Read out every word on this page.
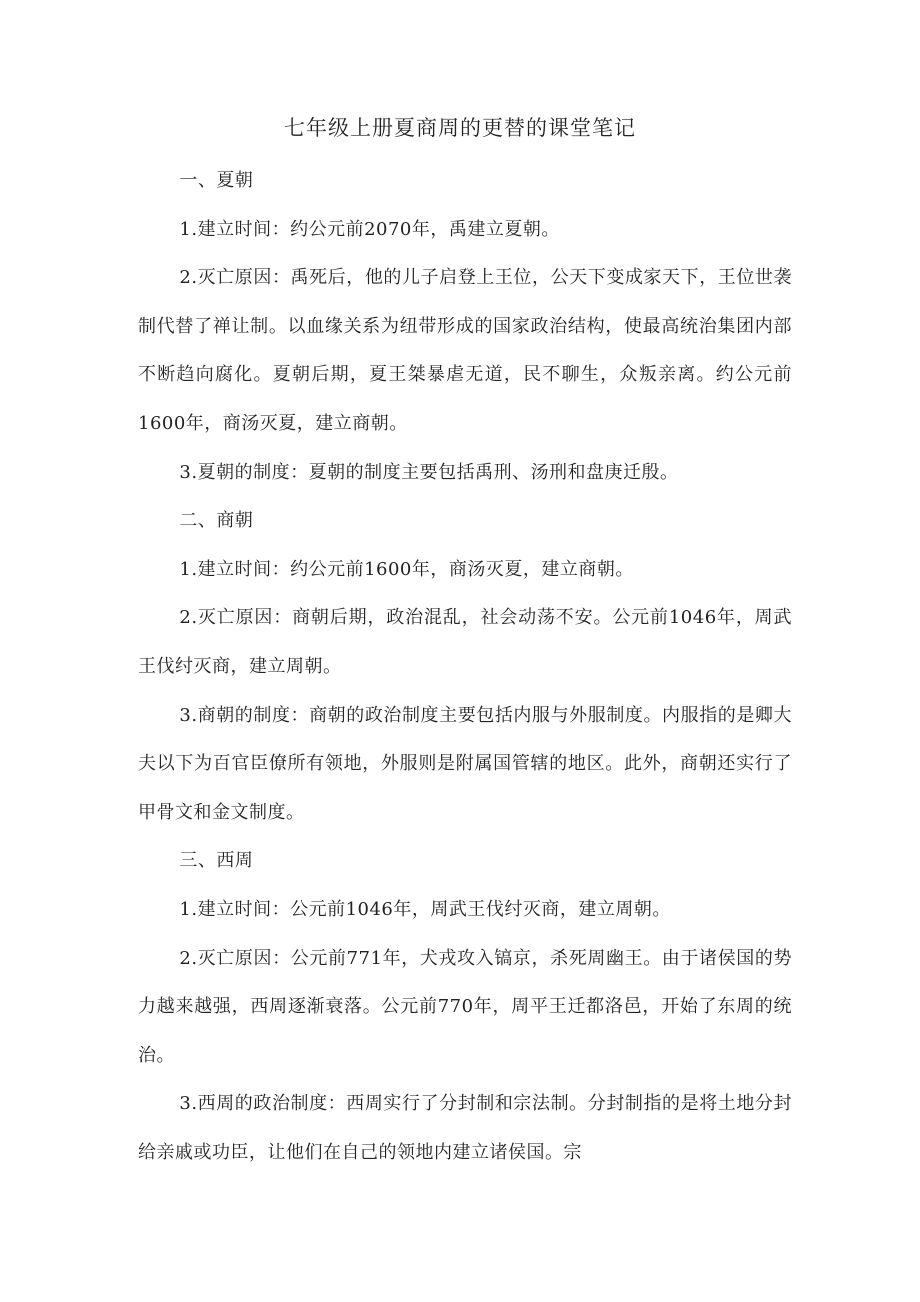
七年级上册夏商周的更替的课堂笔记

一、夏朝

1.建立时间：约公元前2070年，禹建立夏朝。

2.灭亡原因：禹死后，他的儿子启登上王位，公天下变成家天下，王位世袭制代替了禅让制。以血缘关系为纽带形成的国家政治结构，使最高统治集团内部不断趋向腐化。夏朝后期，夏王桀暴虐无道，民不聊生，众叛亲离。约公元前1600年，商汤灭夏，建立商朝。

3.夏朝的制度：夏朝的制度主要包括禹刑、汤刑和盘庚迁殷。

二、商朝

1.建立时间：约公元前1600年，商汤灭夏，建立商朝。

2.灭亡原因：商朝后期，政治混乱，社会动荡不安。公元前1046年，周武王伐纣灭商，建立周朝。

3.商朝的制度：商朝的政治制度主要包括内服与外服制度。内服指的是卿大夫以下为百官臣僚所有领地，外服则是附属国管辖的地区。此外，商朝还实行了甲骨文和金文制度。

三、西周

1.建立时间：公元前1046年，周武王伐纣灭商，建立周朝。

2.灭亡原因：公元前771年，犬戎攻入镐京，杀死周幽王。由于诸侯国的势力越来越强，西周逐渐衰落。公元前770年，周平王迁都洛邑，开始了东周的统治。

3.西周的政治制度：西周实行了分封制和宗法制。分封制指的是将土地分封给亲戚或功臣，让他们在自己的领地内建立诸侯国。宗
